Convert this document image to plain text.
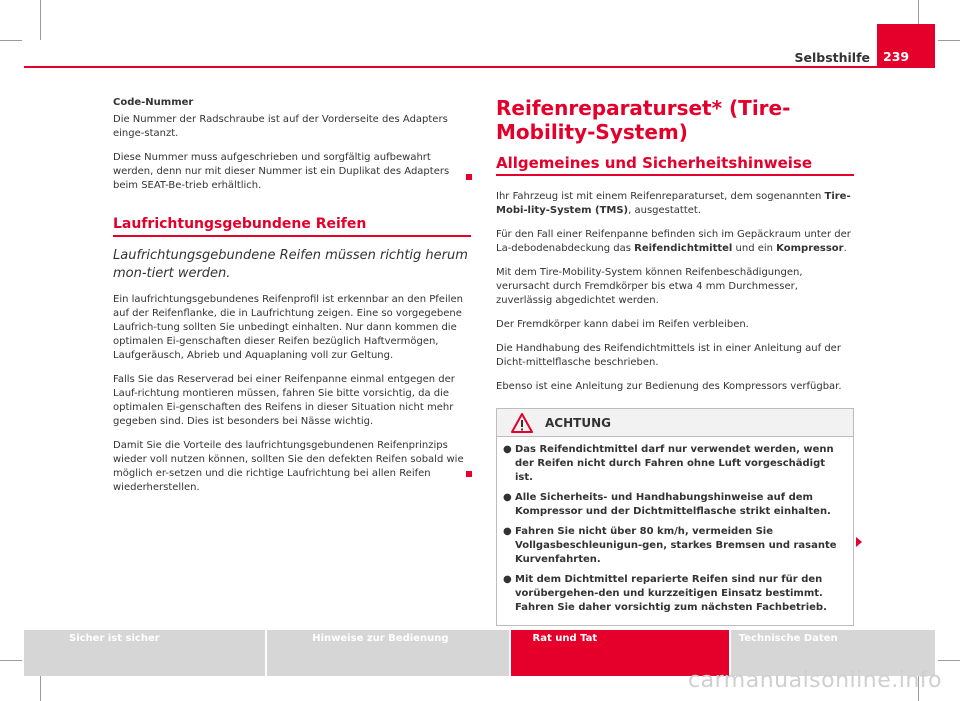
Selbsthilfe 239

Code-Nummer

Die Nummer der Radschraube ist auf der Vorderseite des Adapters einge-stanzt.

Diese Nummer muss aufgeschrieben und sorgfältig aufbewahrt werden, denn nur mit dieser Nummer ist ein Duplikat des Adapters beim SEAT-Be-trieb erhältlich.

Laufrichtungsgebundene Reifen

Laufrichtungsgebundene Reifen müssen richtig herum mon-tiert werden.

Ein laufrichtungsgebundenes Reifenprofil ist erkennbar an den Pfeilen auf der Reifenflanke, die in Laufrichtung zeigen. Eine so vorgegebene Laufrich-tung sollten Sie unbedingt einhalten. Nur dann kommen die optimalen Ei-genschaften dieser Reifen bezüglich Haftvermögen, Laufgeräusch, Abrieb und Aquaplaning voll zur Geltung.

Falls Sie das Reserverad bei einer Reifenpanne einmal entgegen der Lauf-richtung montieren müssen, fahren Sie bitte vorsichtig, da die optimalen Ei-genschaften des Reifens in dieser Situation nicht mehr gegeben sind. Dies ist besonders bei Nässe wichtig.

Damit Sie die Vorteile des laufrichtungsgebundenen Reifenprinzips wieder voll nutzen können, sollten Sie den defekten Reifen sobald wie möglich er-setzen und die richtige Laufrichtung bei allen Reifen wiederherstellen.

Reifenreparaturset* (Tire-Mobility-System)

Allgemeines und Sicherheitshinweise

Ihr Fahrzeug ist mit einem Reifenreparaturset, dem sogenannten Tire-Mobi-lity-System (TMS), ausgestattet.

Für den Fall einer Reifenpanne befinden sich im Gepäckraum unter der La-debodenabdeckung das Reifendichtmittel und ein Kompressor.

Mit dem Tire-Mobility-System können Reifenbeschädigungen, verursacht durch Fremdkörper bis etwa 4 mm Durchmesser, zuverlässig abgedichtet werden.

Der Fremdkörper kann dabei im Reifen verbleiben.

Die Handhabung des Reifendichtmittels ist in einer Anleitung auf der Dicht-mittelflasche beschrieben.

Ebenso ist eine Anleitung zur Bedienung des Kompressors verfügbar.

ACHTUNG
● Das Reifendichtmittel darf nur verwendet werden, wenn der Reifen nicht durch Fahren ohne Luft vorgeschädigt ist.
● Alle Sicherheits- und Handhabungshinweise auf dem Kompressor und der Dichtmittelflasche strikt einhalten.
● Fahren Sie nicht über 80 km/h, vermeiden Sie Vollgasbeschleunigun-gen, starkes Bremsen und rasante Kurvenfahrten.
● Mit dem Dichtmittel reparierte Reifen sind nur für den vorübergehen-den und kurzzeitigen Einsatz bestimmt. Fahren Sie daher vorsichtig zum nächsten Fachbetrieb.
Sicher ist sicher	Hinweise zur Bedienung	Rat und Tat	Technische Daten
carmanualsonline.info
